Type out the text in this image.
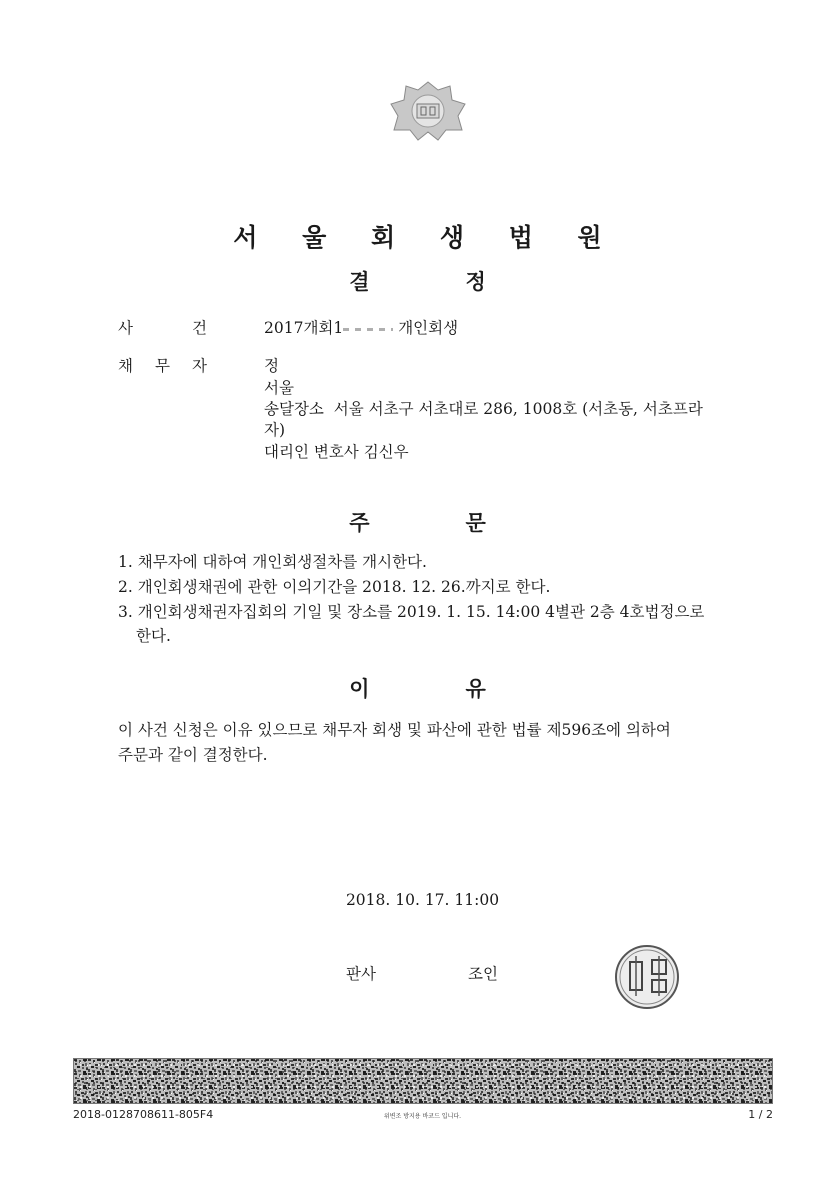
서 울 회 생 법 원
결	정
사	건	2017개회1	개인회생
채 무 자	정
서울
송달장소 서울 서초구 서초대로 286, 1008호 (서초동, 서초프라
자)
대리인 변호사 김신우
주	문
1. 채무자에 대하여 개인회생절차를 개시한다.
2. 개인회생채권에 관한 이의기간을 2018. 12. 26.까지로 한다.
3. 개인회생채권자집회의 기일 및 장소를 2019. 1. 15. 14:00 4별관 2층 4호법정으로
한다.
이	유
이 사건 신청은 이유 있으므로 채무자 회생 및 파산에 관한 법률 제596조에 의하여
주문과 같이 결정한다.
2018. 10. 17. 11:00
판사	조인
2018-0128708611-805F4	위변조 방지용 바코드 입니다.	1 / 2
